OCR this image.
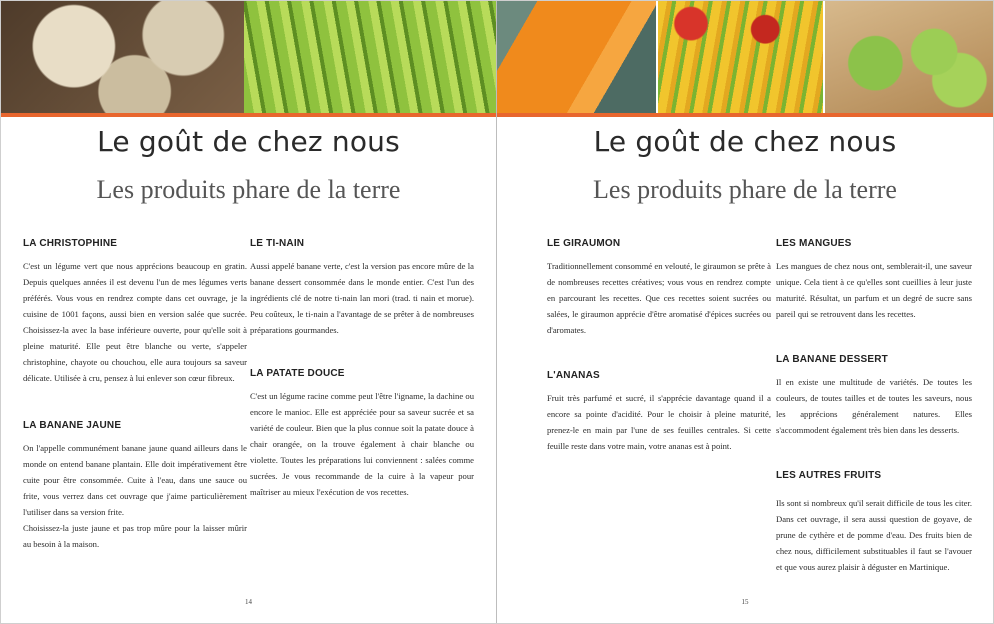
Le goût de chez nous
Les produits phare de la terre
LA CHRISTOPHINE

C'est un légume vert que nous apprécions beaucoup en gratin. Depuis quelques années il est devenu l'un de mes légumes verts préférés. Vous vous en rendrez compte dans cet ouvrage, je la cuisine de 1001 façons, aussi bien en version salée que sucrée. Choisissez-la avec la base inférieure ouverte, pour qu'elle soit à pleine maturité. Elle peut être blanche ou verte, s'appeler christophine, chayote ou chouchou, elle aura toujours sa saveur délicate. Utilisée à cru, pensez à lui enlever son cœur fibreux.

LA BANANE JAUNE

On l'appelle communément banane jaune quand ailleurs dans le monde on entend banane plantain. Elle doit impérativement être cuite pour être consommée. Cuite à l'eau, dans une sauce ou frite, vous verrez dans cet ouvrage que j'aime particulièrement l'utiliser dans sa version frite.
Choisissez-la juste jaune et pas trop mûre pour la laisser mûrir au besoin à la maison.

LE TI-NAIN

Aussi appelé banane verte, c'est la version pas encore mûre de la banane dessert consommée dans le monde entier. C'est l'un des ingrédients clé de notre ti-nain lan mori (trad. ti nain et morue). Peu coûteux, le ti-nain a l'avantage de se prêter à de nombreuses préparations gourmandes.

LA PATATE DOUCE

C'est un légume racine comme peut l'être l'igname, la dachine ou encore le manioc. Elle est appréciée pour sa saveur sucrée et sa variété de couleur. Bien que la plus connue soit la patate douce à chair orangée, on la trouve également à chair blanche ou violette. Toutes les préparations lui conviennent : salées comme sucrées. Je vous recommande de la cuire à la vapeur pour maîtriser au mieux l'exécution de vos recettes.

14
Le goût de chez nous
Les produits phare de la terre
LE GIRAUMON

Traditionnellement consommé en velouté, le giraumon se prête à de nombreuses recettes créatives; vous vous en rendrez compte en parcourant les recettes. Que ces recettes soient sucrées ou salées, le giraumon apprécie d'être aromatisé d'épices sucrées ou d'aromates.

L'ANANAS

Fruit très parfumé et sucré, il s'apprécie davantage quand il a encore sa pointe d'acidité. Pour le choisir à pleine maturité, prenez-le en main par l'une de ses feuilles centrales. Si cette feuille reste dans votre main, votre ananas est à point.

LES MANGUES

Les mangues de chez nous ont, semblerait-il, une saveur unique. Cela tient à ce qu'elles sont cueillies à leur juste maturité. Résultat, un parfum et un degré de sucre sans pareil qui se retrouvent dans les recettes.

LA BANANE DESSERT

Il en existe une multitude de variétés. De toutes les couleurs, de toutes tailles et de toutes les saveurs, nous les apprécions généralement natures. Elles s'accommodent également très bien dans les desserts.

LES AUTRES FRUITS

Ils sont si nombreux qu'il serait difficile de tous les citer. Dans cet ouvrage, il sera aussi question de goyave, de prune de cythère et de pomme d'eau. Des fruits bien de chez nous, difficilement substituables il faut se l'avouer et que vous aurez plaisir à déguster en Martinique.

15
